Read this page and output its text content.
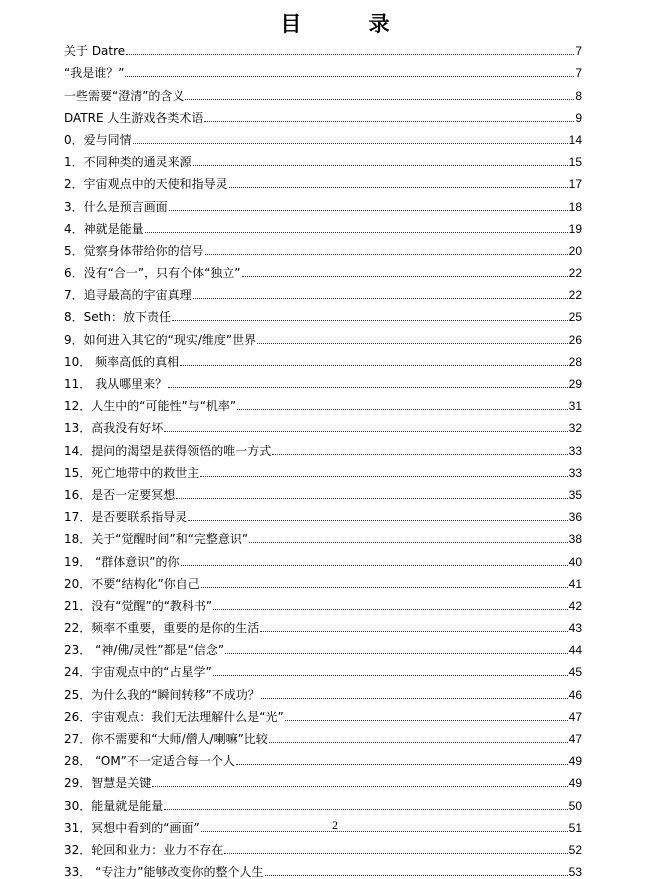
目 录
关于 Datre	7
“我是谁？”	7
一些需要“澄清”的含义	8
DATRE 人生游戏各类术语	9
0．爱与同情	14
1．不同种类的通灵来源	15
2．宇宙观点中的天使和指导灵	17
3．什么是预言画面	18
4．神就是能量	19
5．觉察身体带给你的信号	20
6．没有“合一”，只有个体“独立”	22
7．追寻最高的宇宙真理	22
8．Seth：放下责任	25
9．如何进入其它的“现实/维度”世界	26
10． 频率高低的真相	28
11． 我从哪里来？	29
12．人生中的“可能性”与“机率”	31
13．高我没有好坏	32
14．提问的渴望是获得领悟的唯一方式	33
15．死亡地带中的救世主	33
16．是否一定要冥想	35
17．是否要联系指导灵	36
18．关于“觉醒时间”和“完整意识”	38
19． “群体意识”的你	40
20．不要“结构化”你自己	41
21．没有“觉醒”的“教科书”	42
22．频率不重要，重要的是你的生活	43
23． “神/佛/灵性”都是“信念”	44
24．宇宙观点中的“占星学”	45
25．为什么我的“瞬间转移”不成功？	46
26．宇宙观点：我们无法理解什么是“光”	47
27．你不需要和“大师/僧人/喇嘛”比较	47
28． “OM”不一定适合每一个人	49
29．智慧是关键	49
30．能量就是能量	50
31．冥想中看到的“画面”	51
32．轮回和业力：业力不存在	52
33． “专注力”能够改变你的整个人生	53
2
